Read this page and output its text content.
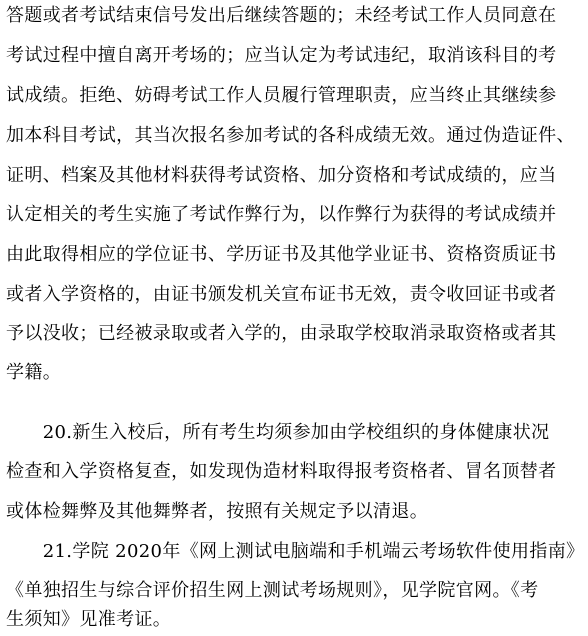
答题或者考试结束信号发出后继续答题的；未经考试工作人员同意在
考试过程中擅自离开考场的；应当认定为考试违纪，取消该科目的考
试成绩。拒绝、妨碍考试工作人员履行管理职责，应当终止其继续参
加本科目考试，其当次报名参加考试的各科成绩无效。通过伪造证件、
证明、档案及其他材料获得考试资格、加分资格和考试成绩的，应当
认定相关的考生实施了考试作弊行为，以作弊行为获得的考试成绩并
由此取得相应的学位证书、学历证书及其他学业证书、资格资质证书
或者入学资格的，由证书颁发机关宣布证书无效，责令收回证书或者
予以没收；已经被录取或者入学的，由录取学校取消录取资格或者其
学籍。
　　20.新生入校后，所有考生均须参加由学校组织的身体健康状况
检查和入学资格复查，如发现伪造材料取得报考资格者、冒名顶替者
或体检舞弊及其他舞弊者，按照有关规定予以清退。
　　21.学院 2020年《网上测试电脑端和手机端云考场软件使用指南》
《单独招生与综合评价招生网上测试考场规则》，见学院官网。《考
生须知》见准考证。
